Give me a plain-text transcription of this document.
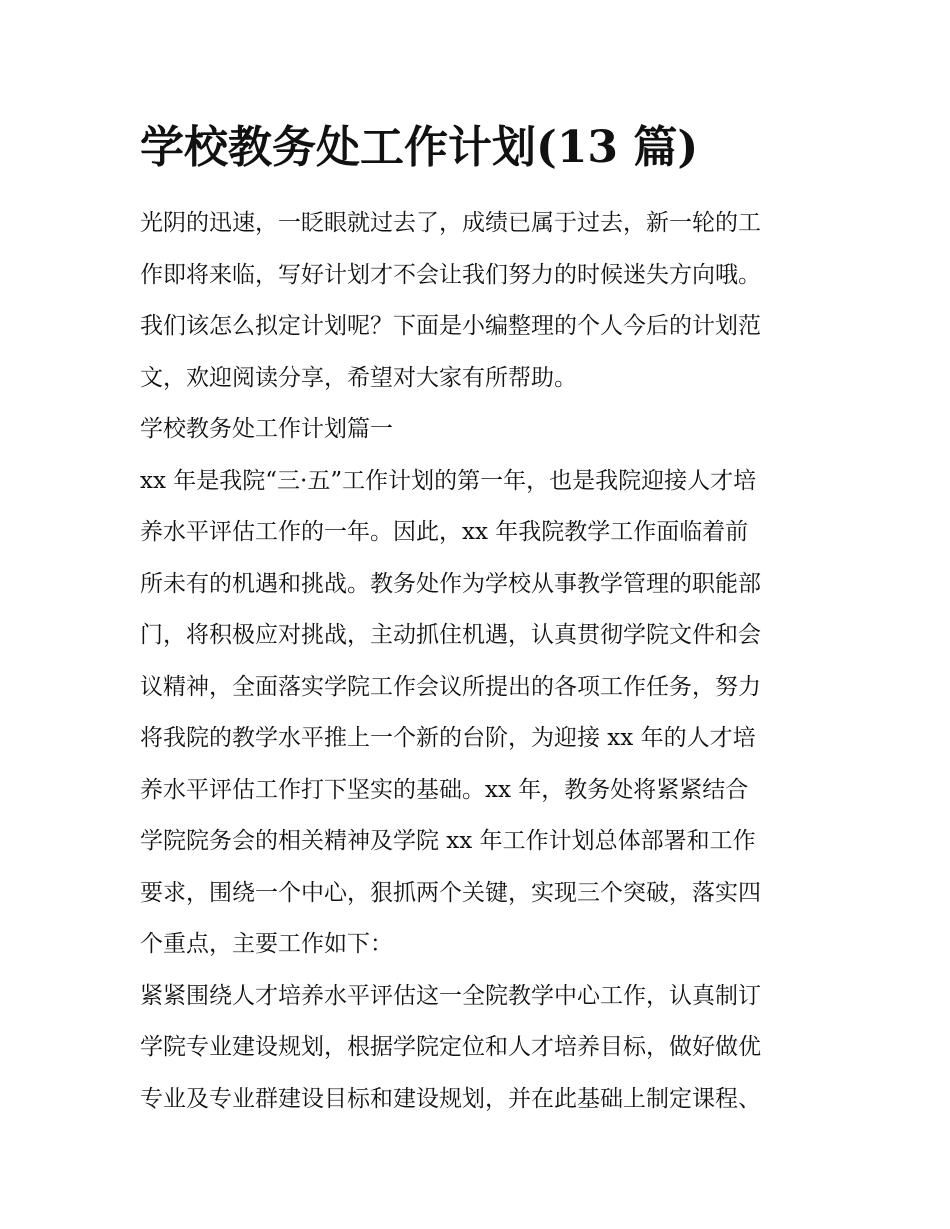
学校教务处工作计划(13 篇)
光阴的迅速，一眨眼就过去了，成绩已属于过去，新一轮的工
作即将来临，写好计划才不会让我们努力的时候迷失方向哦。
我们该怎么拟定计划呢？下面是小编整理的个人今后的计划范
文，欢迎阅读分享，希望对大家有所帮助。
学校教务处工作计划篇一
xx 年是我院“三·五”工作计划的第一年，也是我院迎接人才培
养水平评估工作的一年。因此，xx 年我院教学工作面临着前
所未有的机遇和挑战。教务处作为学校从事教学管理的职能部
门，将积极应对挑战，主动抓住机遇，认真贯彻学院文件和会
议精神，全面落实学院工作会议所提出的各项工作任务，努力
将我院的教学水平推上一个新的台阶，为迎接 xx 年的人才培
养水平评估工作打下坚实的基础。xx 年，教务处将紧紧结合
学院院务会的相关精神及学院 xx 年工作计划总体部署和工作
要求，围绕一个中心，狠抓两个关键，实现三个突破，落实四
个重点，主要工作如下：
紧紧围绕人才培养水平评估这一全院教学中心工作，认真制订
学院专业建设规划，根据学院定位和人才培养目标，做好做优
专业及专业群建设目标和建设规划，并在此基础上制定课程、
